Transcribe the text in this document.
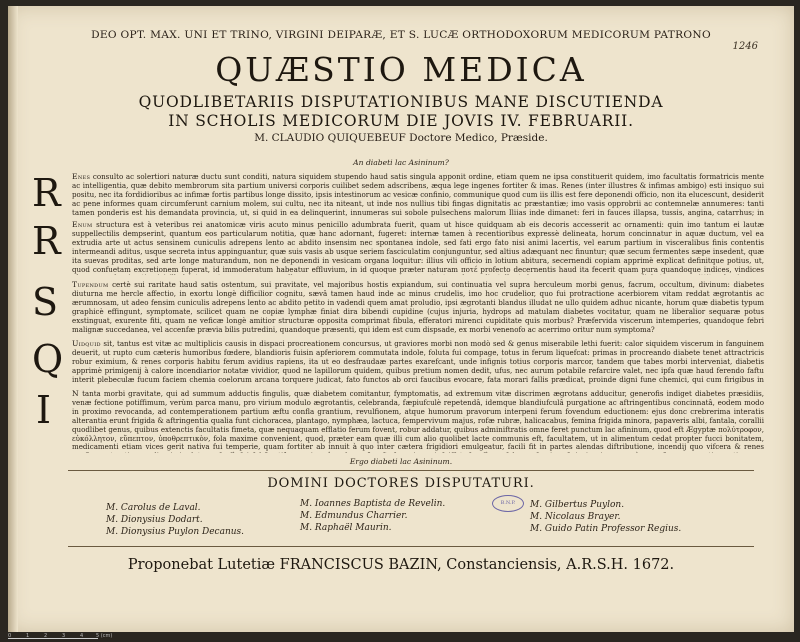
DEO OPT. MAX. UNI ET TRINO, VIRGINI DEIPARÆ, ET S. LUCÆ ORTHODOXORUM MEDICORUM PATRONO
1246
QUÆSTIO MEDICA
QUODLIBETARIIS DISPUTATIONIBUS MANE DISCUTIENDA
IN SCHOLIS MEDICORUM DIE JOVIS IV. FEBRUARII.
M. CLAUDIO QUIQUEBEUF Doctore Medico, Præside.
An diabeti lac Asininum?
R Enes consulto ac solertiori naturæ ductu sunt conditi, natura siquidem stupendo haud satis singula apponit ordine, etiam quem ne ipsa constituerit quidem, imo facultatis formatricis mente ac intelligentia, quæ debito membrorum sita partium universi corporis cuilibet sedem adscribens, æqua lege ingenes fortiter & imas. Renes (inter illustres & infimas ambigo) esti insiquo sui positu, nec ita fordidioribus ac infimæ fortis partibus longe dissito, ipsis intestinorum ac vesicæ confinio, communique quod cum iis illis est fere deponendi officio, non ita elucescunt, desiderit ac pene informes quam circumferunt carnium molem, sui cultu, nec ita niteant, ut inde nos nullius tibi fingas dignitatis ac præstantiæ; imo vasis opprobrii ac contemnelæ annumeres: tanti tamen ponderis est his demandata provincia, ut, si quid in ea delinquerint, innumeras sui sobole pulsechens malorum Iliias inde dimanet: feri in fauces illapsa, tussis, angina, catarrhus; in
R Enum structura est à veteribus rei anatomicæ viris acuto minus penicillo adumbrata fuerit, quam ut hisce quidquam ab eis decoris accesserit ac ornamenti: quin imo tantum ei lautæ suppellectilis dempserint, quantum eos particularum notitia, quæ hanc adornant, fugeret: internæ tamen à recentioribus expressè delineata, horum concinnatur in aquæ ductum, vel ea extrudia arte ut actus sensinem cuniculis adrepens lento ac abdito insensim nec spontanea indole, sed fati ergo fato nisi animi lacertis, vel earum partium in visceralibus finis contentis intermeandi aditus, usque secreta intus appinguantur, quæ suis vasis ab usque seriem fasciculatim conjunguntur, sed altius adæquant nec finuntur; quæ secum fermentes sæpe insedent, quæ ita suevas proditas, sed arte longe maturandum, non ne deponendi in vesicam organa loquitur: illius vili officio in lotium abitura, secernendi copiam apprimè explicat definitque potius, ut, quod confuetam excretionem fuperat, id immoderatum habeatur effluvium, in id quoque præter naturam ποτέ profecto decernentis haud ita fecerit quam pura quandoque indices, vindices
S Tupendum certè sui raritate haud satis ostentum, sui pravitate, vel majoribus hostis expiandum, sui continuatia vel supra herculeum morbi genus, facrum, occultum, divinum: diabetes diuturna me hercle affectio, in exortu longè difficilior cognitu, sævâ tamen haud inde ac minus crudelis, imo hoc crudelior, quo fui protractione acerbiorem vitam reddat ægrotantis ac ærumnosam, ut adeo fensim cuniculis adrepens lento ac abdito petito in vadendi quem amat proludio, ipsi ægrotanti blandus illudat ne ullo quidem adhuc nicante, horum quæ diabetis typum graphicè effingunt, symptomate, scilicet quam ne copiæ lymphæ finiat dira bibendi cupidine (cujus injuria, hydrops ad matulam diabetes vocitatur, quam ne liberalior sequaræ potus exstinguat, exurente fiti, quam ne veficæ longè amitior structuræ opposita comprimat fibula, efferatori mirenci cupiditate quis morbus? Præfervida viscerum intemperies, quandoque febri malignæ succedanea, vel accenfæ prævia bilis putredini, quandoque præsenti, qui idem est cum dispsade, ex morbi venenofo ac acerrimo oritur num symptoma?
Q Uidquid sit, tantus est vitæ ac multiplicis causis in dispaci procreationem concursus, ut graviores morbi non modò sed & genus miserabile lethi fuerit: calor siquidem viscerum in fanguinem deuerit, ut rupto cum cæteris humoribus fœdere, blandioris fuisin apferiorem commutata indole, foluta fui compage, totus in ferum liquefcat: primas in procreando diabete tenet attractricis robur eximium, & renes corporis habitu ferum avidius rapiens, ita ut eo desfraudaæ partes exarefcant, unde infignis totius corporis marcor, tandem que tabes morbi interveniat, diabetis apprimè primigenij à calore incendiarior notatæ vividior, quod ne lapillorum quidem, quibus pretium nomen dedit, ufus, nec aurum potabile refarcire valet, nec ipfa quæ haud ferendo faftu interit plebeculæ fucum faciem chemia coelorum arcana torquere judicat, fato functos ab orci faucibus evocare, fata morari fallis prædicat, proinde digni fune chemici, qui cum firigibus in
I	N tanta morbi gravitate, qui ad summum adductis fingulis, quæ diabetem comitantur, fymptomatis, ad extremum vitæ discrimen ægrotans adducitur, generofis indiget diabetes præsidiis, venæ fectione potiffimum, verùm parca manu, pro virium modulo ægrotantis, celebranda, fæpiufculè repetendâ, idemque blandiufculâ purgatione ac aftringentibus concinnatâ, eodem modo in proximo revocanda, ad contemperationem partium æftu confla grantium, revulfionem, atque humorum pravorum interpeni ferum fovendum eductionem: ejus donc crebrerima interatis alterantia erunt frigida & aftringentia qualia funt cichoracea, plantago, nymphæa, lactuca, fempervivum majus, rofæ rubræ, halicacabus, femina frigida minora, papaveris albi, fantala, corallii quodlibet genus, quibus extenctis facultatis fimeta, quæ nequaquam efflatio ferum fovent, robur addatur, quibus adminiftratis omne feret punctum lac afininum, quod eft Ægyptæ πολύτροφον, εὐκόλλητον, εὔπεπτον, ὑποθρεπτικὸν, fola maxime convenient, quod, præter eam quæ illi cum alio quolibet lacte communis eft, facultatem, ut in alimentum cedat propter fucci bonitatem, medicamenti etiam vices gerit nativa fui temperie, quam fortiter ab innuit à quo inter cætera frigidiori emulgeatur, facili fit in partes alendas diftributione, incendij quo vifcera & renes
Ergo diabeti lac Asininum.
DOMINI DOCTORES DISPUTATURI.
M. Carolus de Laval.
M. Dionysius Dodart.
M. Dionysius Puylon Decanus.
M. Ioannes Baptista de Revelin.
M. Edmundus Charrier.
M. Raphaël Maurin.
M. Gilbertus Puylon.
M. Nicolaus Brayer.
M. Guido Patin Professor Regius.
B.N.P.
Proponebat Lutetiæ FRANCISCUS BAZIN, Constanciensis, A.R.S.H. 1672.
0	1	2	3	4	5 (cm)
